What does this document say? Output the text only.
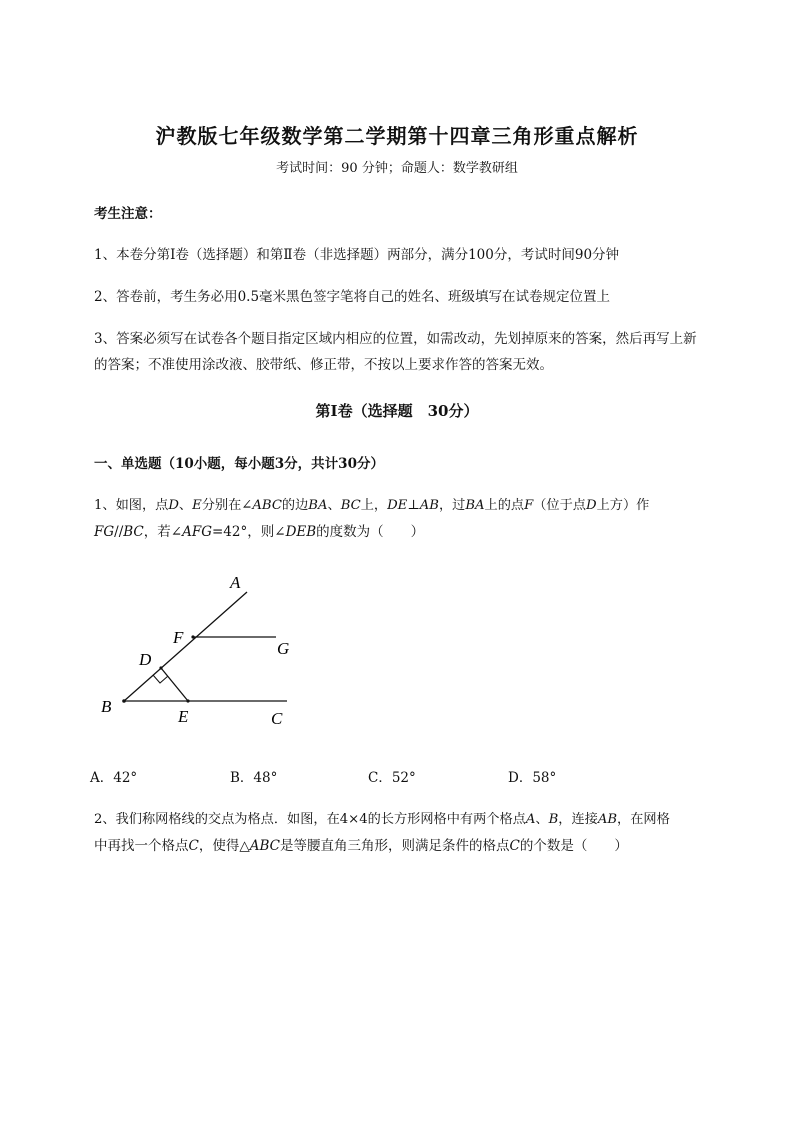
沪教版七年级数学第二学期第十四章三角形重点解析
考试时间：90 分钟；命题人：数学教研组
考生注意：
1、本卷分第I卷（选择题）和第Ⅱ卷（非选择题）两部分，满分100分，考试时间90分钟
2、答卷前，考生务必用0.5毫米黑色签字笔将自己的姓名、班级填写在试卷规定位置上
3、答案必须写在试卷各个题目指定区域内相应的位置，如需改动，先划掉原来的答案，然后再写上新
的答案；不准使用涂改液、胶带纸、修正带，不按以上要求作答的答案无效。
第I卷（选择题　30分）
一、单选题（10小题，每小题3分，共计30分）
1、如图，点D、E分别在∠ABC的边BA、BC上，DE⊥AB，过BA上的点F（位于点D上方）作
FG//BC，若∠AFG=42°，则∠DEB的度数为（　　）
A
B
C
D
E
F
G
A．42°	B．48°	C．52°	D．58°
2、我们称网格线的交点为格点．如图，在4×4的长方形网格中有两个格点A、B，连接AB，在网格
中再找一个格点C，使得△ABC是等腰直角三角形，则满足条件的格点C的个数是（　　）
